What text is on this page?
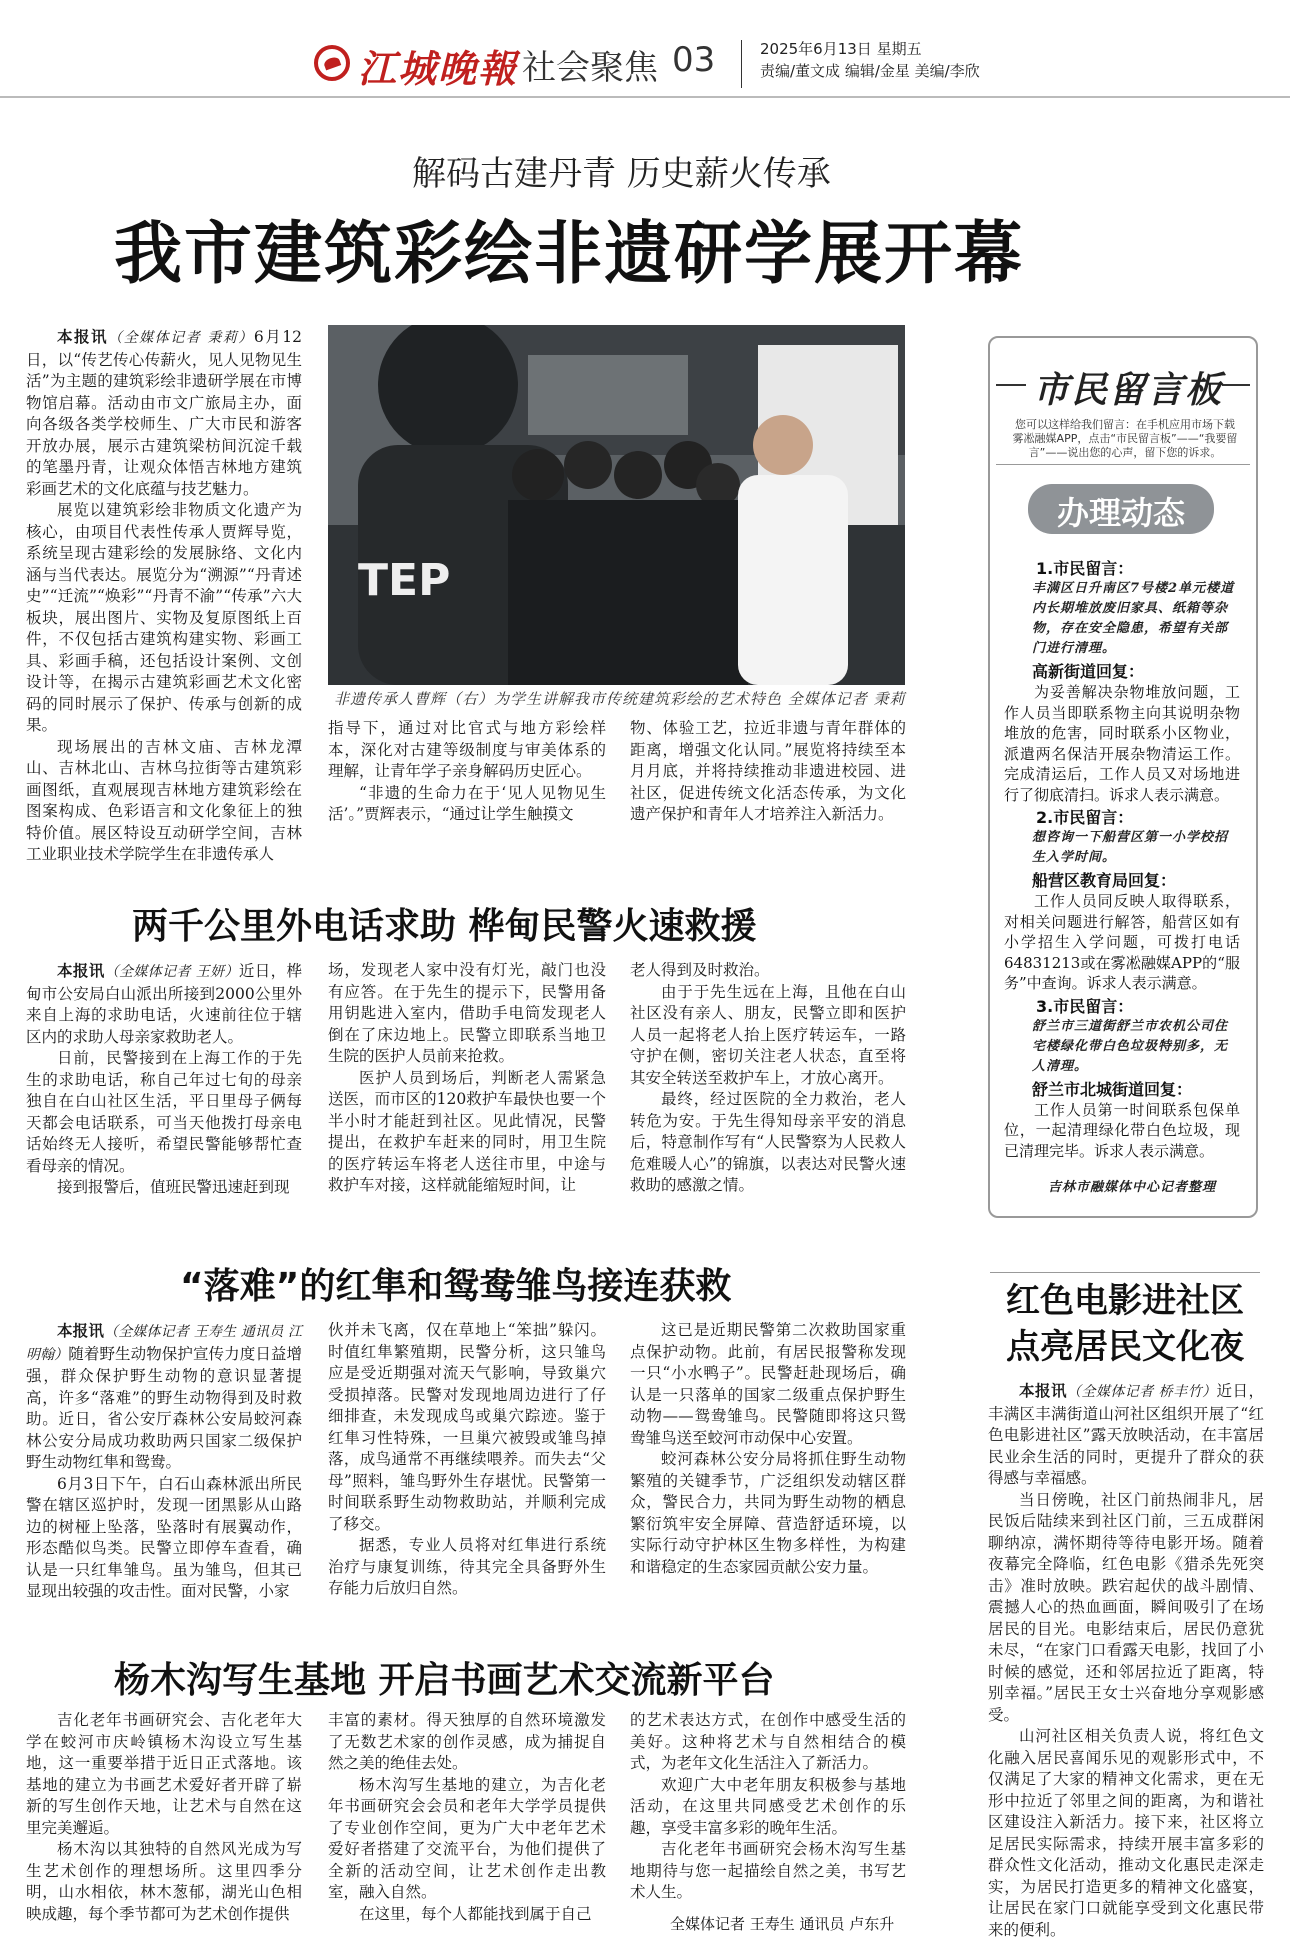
江城晚報 社会聚焦 03	2025年6月13日 星期五
责编/董文成 编辑/金星 美编/李欣
解码古建丹青 历史薪火传承
我市建筑彩绘非遗研学展开幕

本报讯（全媒体记者 秉莉）6月12日，以“传艺传心传薪火，见人见物见生活”为主题的建筑彩绘非遗研学展在市博物馆启幕。活动由市文广旅局主办，面向各级各类学校师生、广大市民和游客开放办展，展示古建筑梁枋间沉淀千载的笔墨丹青，让观众体悟吉林地方建筑彩画艺术的文化底蕴与技艺魅力。

展览以建筑彩绘非物质文化遗产为核心，由项目代表性传承人贾辉导览，系统呈现古建彩绘的发展脉络、文化内涵与当代表达。展览分为“溯源”“丹青述史”“迁流”“焕彩”“丹青不渝”“传承”六大板块，展出图片、实物及复原图纸上百件，不仅包括古建筑构建实物、彩画工具、彩画手稿，还包括设计案例、文创设计等，在揭示古建筑彩画艺术文化密码的同时展示了保护、传承与创新的成果。

现场展出的吉林文庙、吉林龙潭山、吉林北山、吉林乌拉街等古建筑彩画图纸，直观展现吉林地方建筑彩绘在图案构成、色彩语言和文化象征上的独特价值。展区特设互动研学空间，吉林工业职业技术学院学生在非遗传承人

指导下，通过对比官式与地方彩绘样本，深化对古建等级制度与审美体系的理解，让青年学子亲身解码历史匠心。

“非遗的生命力在于‘见人见物见生活’。”贾辉表示，“通过让学生触摸文

物、体验工艺，拉近非遗与青年群体的距离，增强文化认同。”展览将持续至本月月底，并将持续推动非遗进校园、进社区，促进传统文化活态传承，为文化遗产保护和青年人才培养注入新活力。

TEP
非遗传承人曹辉（右）为学生讲解我市传统建筑彩绘的艺术特色 全媒体记者 秉莉
两千公里外电话求助 桦甸民警火速救援

本报讯（全媒体记者 王妍）近日，桦甸市公安局白山派出所接到2000公里外来自上海的求助电话，火速前往位于辖区内的求助人母亲家救助老人。

日前，民警接到在上海工作的于先生的求助电话，称自己年过七旬的母亲独自在白山社区生活，平日里母子俩每天都会电话联系，可当天他拨打母亲电话始终无人接听，希望民警能够帮忙查看母亲的情况。

接到报警后，值班民警迅速赶到现

场，发现老人家中没有灯光，敲门也没有应答。在于先生的提示下，民警用备用钥匙进入室内，借助手电筒发现老人倒在了床边地上。民警立即联系当地卫生院的医护人员前来抢救。

医护人员到场后，判断老人需紧急送医，而市区的120救护车最快也要一个半小时才能赶到社区。见此情况，民警提出，在救护车赶来的同时，用卫生院的医疗转运车将老人送往市里，中途与救护车对接，这样就能缩短时间，让

老人得到及时救治。

由于于先生远在上海，且他在白山社区没有亲人、朋友，民警立即和医护人员一起将老人抬上医疗转运车，一路守护在侧，密切关注老人状态，直至将其安全转送至救护车上，才放心离开。

最终，经过医院的全力救治，老人转危为安。于先生得知母亲平安的消息后，特意制作写有“人民警察为人民救人危难暖人心”的锦旗，以表达对民警火速救助的感激之情。

“落难”的红隼和鸳鸯雏鸟接连获救

本报讯（全媒体记者 王寿生 通讯员 江明翰）随着野生动物保护宣传力度日益增强，群众保护野生动物的意识显著提高，许多“落难”的野生动物得到及时救助。近日，省公安厅森林公安局蛟河森林公安分局成功救助两只国家二级保护野生动物红隼和鸳鸯。

6月3日下午，白石山森林派出所民警在辖区巡护时，发现一团黑影从山路边的树桠上坠落，坠落时有展翼动作，形态酷似鸟类。民警立即停车查看，确认是一只红隼雏鸟。虽为雏鸟，但其已显现出较强的攻击性。面对民警，小家

伙并未飞离，仅在草地上“笨拙”躲闪。时值红隼繁殖期，民警分析，这只雏鸟应是受近期强对流天气影响，导致巢穴受损掉落。民警对发现地周边进行了仔细排查，未发现成鸟或巢穴踪迹。鉴于红隼习性特殊，一旦巢穴被毁或雏鸟掉落，成鸟通常不再继续喂养。而失去“父母”照料，雏鸟野外生存堪忧。民警第一时间联系野生动物救助站，并顺利完成了移交。

据悉，专业人员将对红隼进行系统治疗与康复训练，待其完全具备野外生存能力后放归自然。

这已是近期民警第二次救助国家重点保护动物。此前，有居民报警称发现一只“小水鸭子”。民警赶赴现场后，确认是一只落单的国家二级重点保护野生动物——鸳鸯雏鸟。民警随即将这只鸳鸯雏鸟送至蛟河市动保中心安置。

蛟河森林公安分局将抓住野生动物繁殖的关键季节，广泛组织发动辖区群众，警民合力，共同为野生动物的栖息繁衍筑牢安全屏障、营造舒适环境，以实际行动守护林区生物多样性，为构建和谐稳定的生态家园贡献公安力量。

杨木沟写生基地 开启书画艺术交流新平台

吉化老年书画研究会、吉化老年大学在蛟河市庆岭镇杨木沟设立写生基地，这一重要举措于近日正式落地。该基地的建立为书画艺术爱好者开辟了崭新的写生创作天地，让艺术与自然在这里完美邂逅。

杨木沟以其独特的自然风光成为写生艺术创作的理想场所。这里四季分明，山水相依，林木葱郁，湖光山色相映成趣，每个季节都可为艺术创作提供

丰富的素材。得天独厚的自然环境激发了无数艺术家的创作灵感，成为捕捉自然之美的绝佳去处。

杨木沟写生基地的建立，为吉化老年书画研究会会员和老年大学学员提供了专业创作空间，更为广大中老年艺术爱好者搭建了交流平台，为他们提供了全新的活动空间，让艺术创作走出教室，融入自然。

在这里，每个人都能找到属于自己

的艺术表达方式，在创作中感受生活的美好。这种将艺术与自然相结合的模式，为老年文化生活注入了新活力。

欢迎广大中老年朋友积极参与基地活动，在这里共同感受艺术创作的乐趣，享受丰富多彩的晚年生活。

吉化老年书画研究会杨木沟写生基地期待与您一起描绘自然之美，书写艺术人生。

全媒体记者 王寿生 通讯员 卢东升
市民留言板
您可以这样给我们留言：在手机应用市场下载雾凇融媒APP，点击“市民留言板”——“我要留言”——说出您的心声，留下您的诉求。
办理动态
1.市民留言：
丰满区日升南区7号楼2单元楼道内长期堆放废旧家具、纸箱等杂物，存在安全隐患，希望有关部门进行清理。
高新街道回复：
为妥善解决杂物堆放问题，工作人员当即联系物主向其说明杂物堆放的危害，同时联系小区物业，派遣两名保洁开展杂物清运工作。完成清运后，工作人员又对场地进行了彻底清扫。诉求人表示满意。
2.市民留言：
想咨询一下船营区第一小学校招生入学时间。
船营区教育局回复：
工作人员同反映人取得联系，对相关问题进行解答，船营区如有小学招生入学问题，可拨打电话64831213或在雾凇融媒APP的“服务”中查询。诉求人表示满意。
3.市民留言：
舒兰市三道街舒兰市农机公司住宅楼绿化带白色垃圾特别多，无人清理。
舒兰市北城街道回复：
工作人员第一时间联系包保单位，一起清理绿化带白色垃圾，现已清理完毕。诉求人表示满意。
吉林市融媒体中心记者整理
红色电影进社区
点亮居民文化夜

本报讯（全媒体记者 桥丰竹）近日，丰满区丰满街道山河社区组织开展了“红色电影进社区”露天放映活动，在丰富居民业余生活的同时，更提升了群众的获得感与幸福感。

当日傍晚，社区门前热闹非凡，居民饭后陆续来到社区门前，三五成群闲聊纳凉，满怀期待等待电影开场。随着夜幕完全降临，红色电影《猎杀先死突击》准时放映。跌宕起伏的战斗剧情、震撼人心的热血画面，瞬间吸引了在场居民的目光。电影结束后，居民仍意犹未尽，“在家门口看露天电影，找回了小时候的感觉，还和邻居拉近了距离，特别幸福。”居民王女士兴奋地分享观影感受。

山河社区相关负责人说，将红色文化融入居民喜闻乐见的观影形式中，不仅满足了大家的精神文化需求，更在无形中拉近了邻里之间的距离，为和谐社区建设注入新活力。接下来，社区将立足居民实际需求，持续开展丰富多彩的群众性文化活动，推动文化惠民走深走实，为居民打造更多的精神文化盛宴，让居民在家门口就能享受到文化惠民带来的便利。
